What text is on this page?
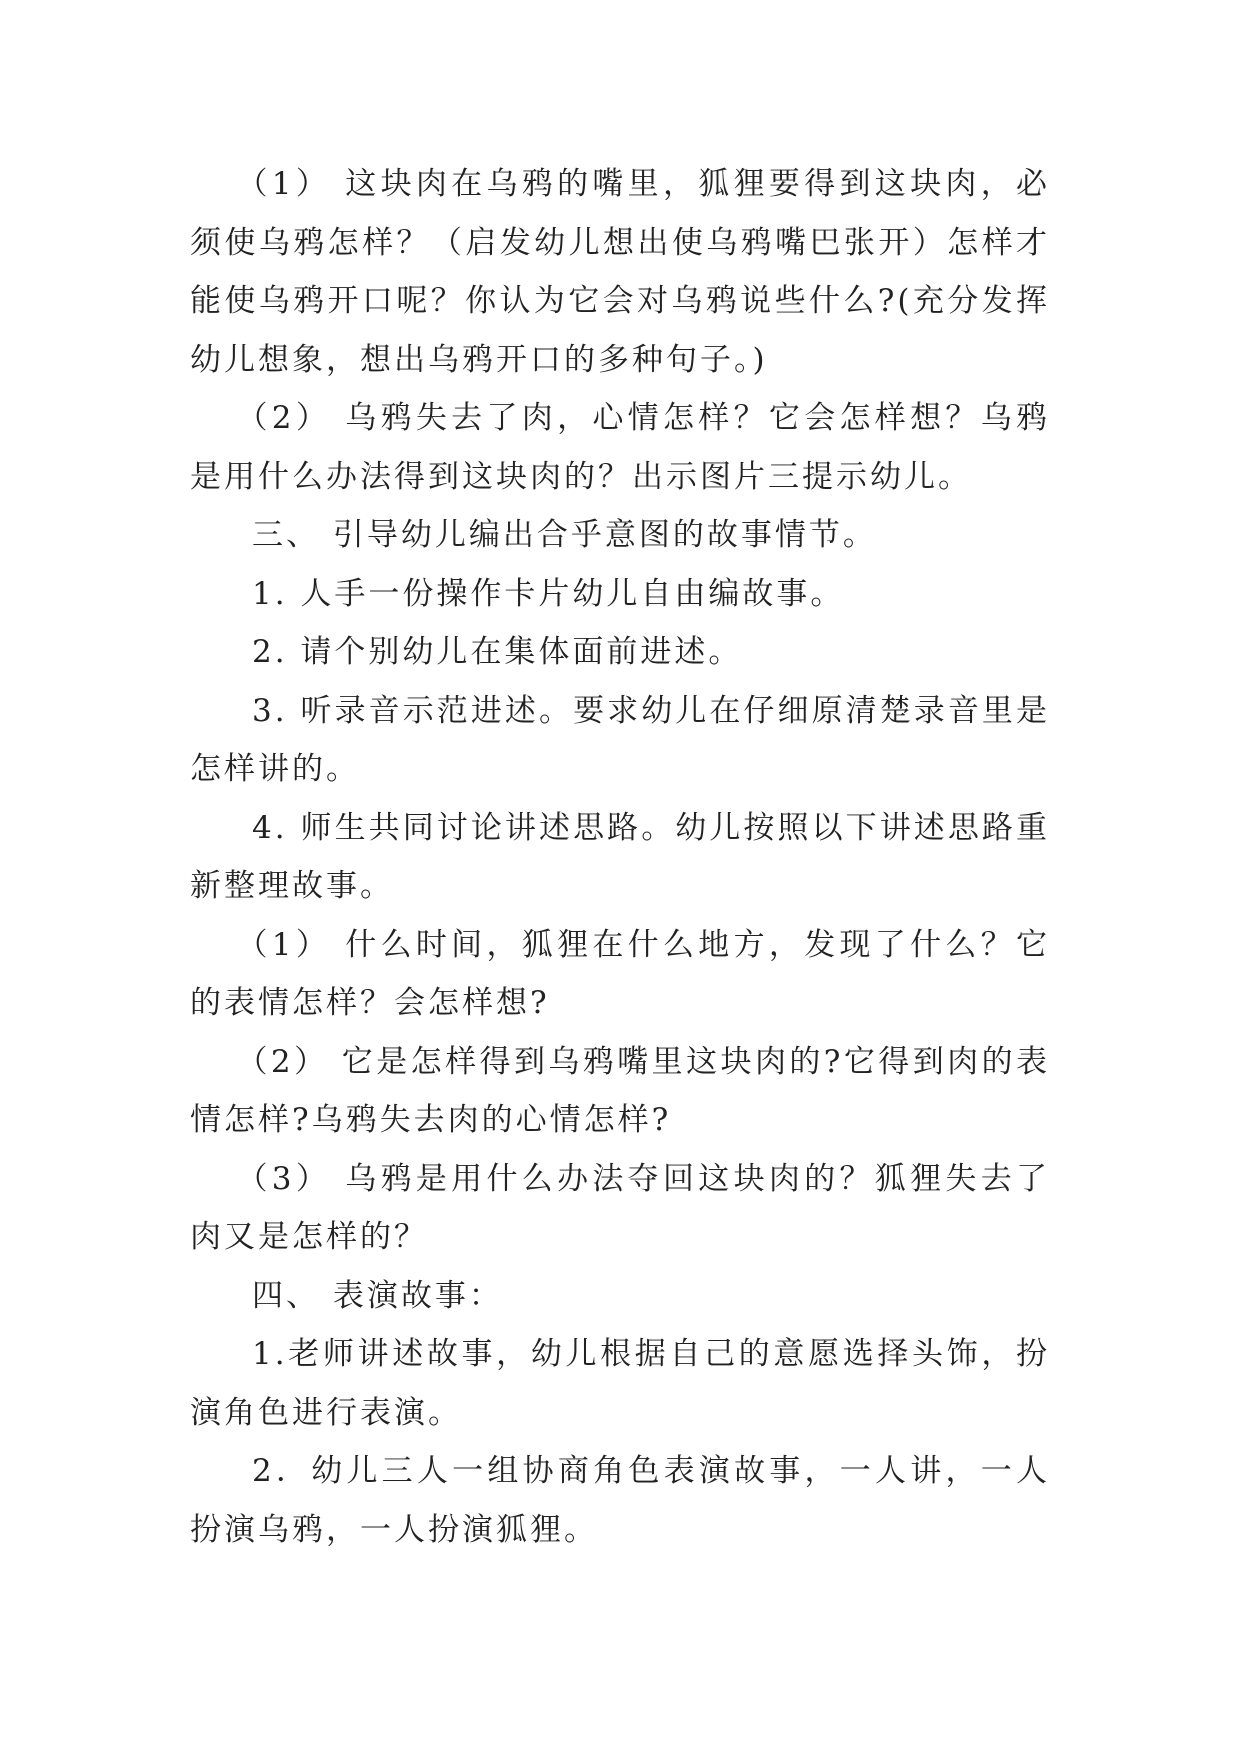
（1） 这块肉在乌鸦的嘴里，狐狸要得到这块肉，必须使乌鸦怎样？（启发幼儿想出使乌鸦嘴巴张开）怎样才能使乌鸦开口呢？你认为它会对乌鸦说些什么?(充分发挥幼儿想象，想出乌鸦开口的多种句子。)

（2） 乌鸦失去了肉，心情怎样？它会怎样想？乌鸦是用什么办法得到这块肉的？出示图片三提示幼儿。

三、 引导幼儿编出合乎意图的故事情节。

1. 人手一份操作卡片幼儿自由编故事。

2. 请个别幼儿在集体面前进述。

3. 听录音示范进述。要求幼儿在仔细原清楚录音里是怎样讲的。

4. 师生共同讨论讲述思路。幼儿按照以下讲述思路重新整理故事。

（1） 什么时间，狐狸在什么地方，发现了什么？它的表情怎样？会怎样想?

（2） 它是怎样得到乌鸦嘴里这块肉的?它得到肉的表情怎样?乌鸦失去肉的心情怎样?

（3） 乌鸦是用什么办法夺回这块肉的？狐狸失去了肉又是怎样的？

四、 表演故事：

1.老师讲述故事，幼儿根据自己的意愿选择头饰，扮演角色进行表演。

2．幼儿三人一组协商角色表演故事，一人讲，一人扮演乌鸦，一人扮演狐狸。
